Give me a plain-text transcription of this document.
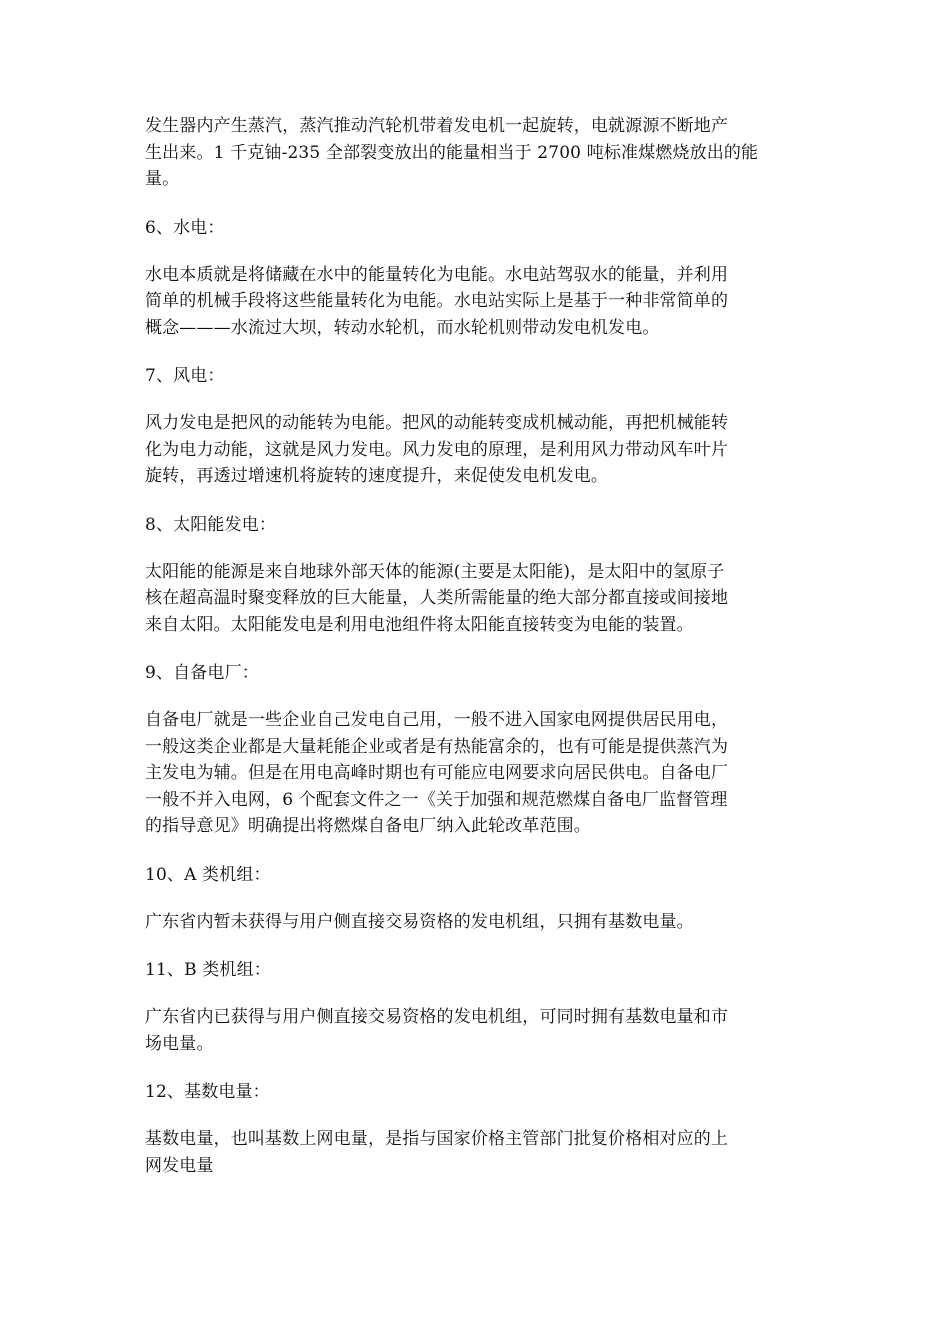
发生器内产生蒸汽，蒸汽推动汽轮机带着发电机一起旋转，电就源源不断地产
生出来。1 千克铀-235 全部裂变放出的能量相当于 2700 吨标准煤燃烧放出的能
量。
6、水电：
水电本质就是将储藏在水中的能量转化为电能。水电站驾驭水的能量，并利用
简单的机械手段将这些能量转化为电能。水电站实际上是基于一种非常简单的
概念———水流过大坝，转动水轮机，而水轮机则带动发电机发电。
7、风电：
风力发电是把风的动能转为电能。把风的动能转变成机械动能，再把机械能转
化为电力动能，这就是风力发电。风力发电的原理，是利用风力带动风车叶片
旋转，再透过增速机将旋转的速度提升，来促使发电机发电。
8、太阳能发电：
太阳能的能源是来自地球外部天体的能源(主要是太阳能)，是太阳中的氢原子
核在超高温时聚变释放的巨大能量，人类所需能量的绝大部分都直接或间接地
来自太阳。太阳能发电是利用电池组件将太阳能直接转变为电能的装置。
9、自备电厂：
自备电厂就是一些企业自己发电自己用，一般不进入国家电网提供居民用电，
一般这类企业都是大量耗能企业或者是有热能富余的，也有可能是提供蒸汽为
主发电为辅。但是在用电高峰时期也有可能应电网要求向居民供电。自备电厂
一般不并入电网，6 个配套文件之一《关于加强和规范燃煤自备电厂监督管理
的指导意见》明确提出将燃煤自备电厂纳入此轮改革范围。
10、A 类机组：
广东省内暂未获得与用户侧直接交易资格的发电机组，只拥有基数电量。
11、B 类机组：
广东省内已获得与用户侧直接交易资格的发电机组，可同时拥有基数电量和市
场电量。
12、基数电量：
基数电量，也叫基数上网电量，是指与国家价格主管部门批复价格相对应的上
网发电量
